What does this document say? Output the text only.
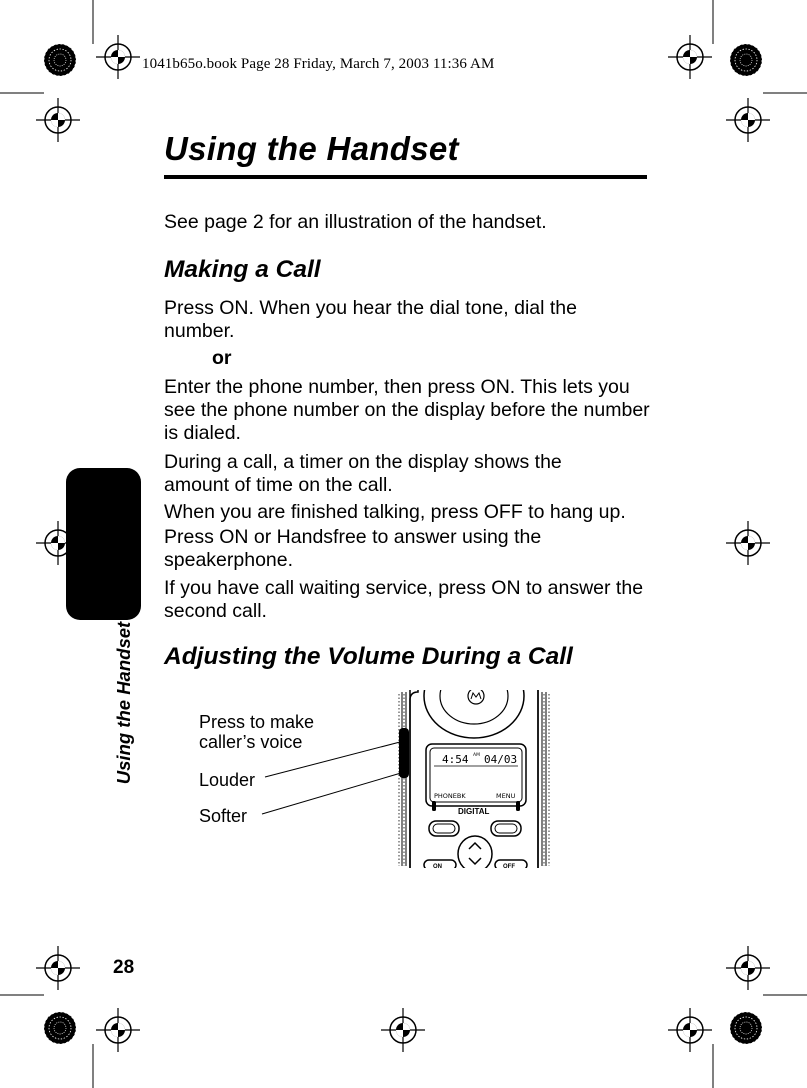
1041b65o.book Page 28 Friday, March 7, 2003 11:36 AM
Using the Handset
See page 2 for an illustration of the handset.
Making a Call
Press ON. When you hear the dial tone, dial the number.
or
Enter the phone number, then press ON. This lets you see the phone number on the display before the number is dialed.
During a call, a timer on the display shows the amount of time on the call.
When you are finished talking, press OFF to hang up.
Press ON or Handsfree to answer using the speakerphone.
If you have call waiting service, press ON to answer the second call.
Adjusting the Volume During a Call
Press to make caller’s voice
Louder
Softer
4:54 AM 04/03
PHONEBK	MENU
DIGITAL
ON	OFF
Using the Handset
28
